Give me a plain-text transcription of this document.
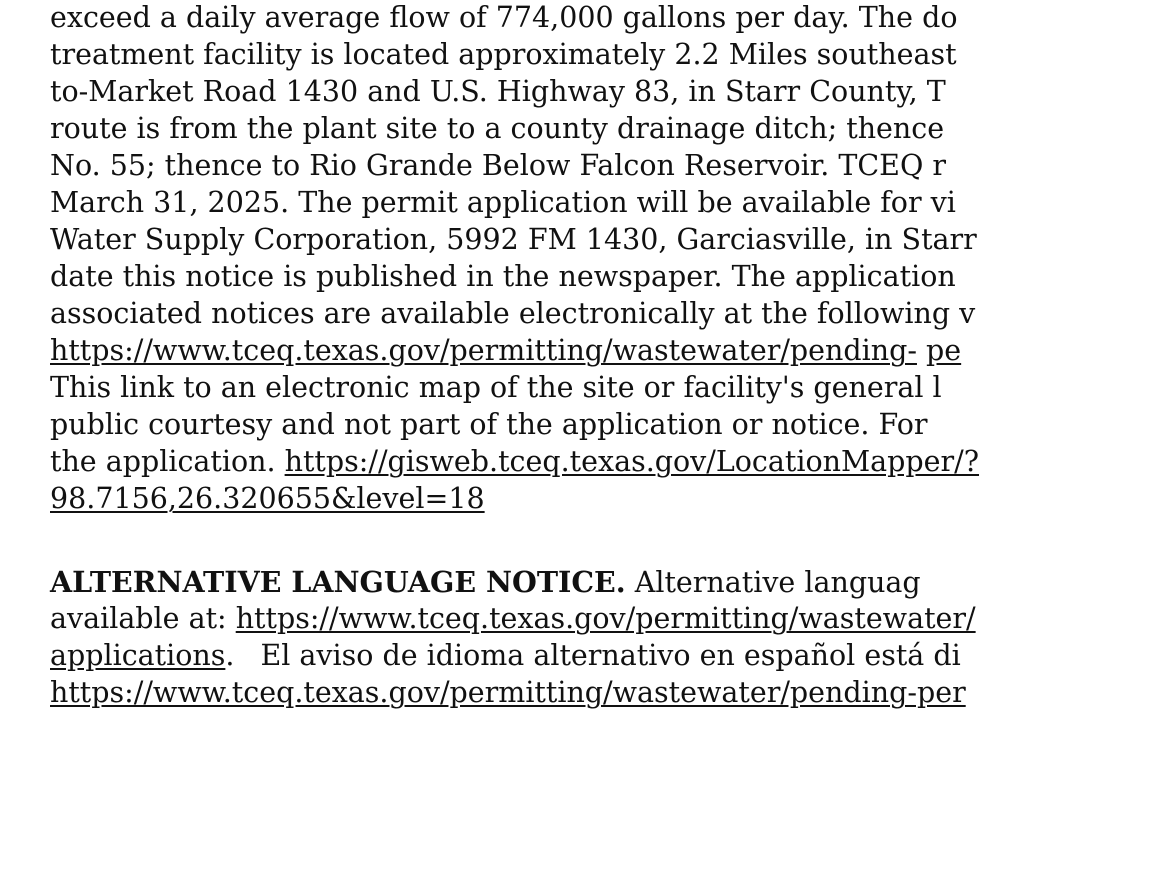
exceed a daily average flow of 774,000 gallons per day. The do
treatment facility is located approximately 2.2 Miles southeast
to-Market Road 1430 and U.S. Highway 83, in Starr County, T
route is from the plant site to a county drainage ditch; thence
No. 55; thence to Rio Grande Below Falcon Reservoir. TCEQ r
March 31, 2025. The permit application will be available for vi
Water Supply Corporation, 5992 FM 1430, Garciasville, in Starr
date this notice is published in the newspaper. The application
associated notices are available electronically at the following v
https://www.tceq.texas.gov/permitting/wastewater/pending- pe
This link to an electronic map of the site or facility's general l
public courtesy and not part of the application or notice. For
the application. https://gisweb.tceq.texas.gov/LocationMapper/?
98.7156,26.320655&level=18
ALTERNATIVE LANGUAGE NOTICE. Alternative languag
available at: https://www.tceq.texas.gov/permitting/wastewater/
applications. El aviso de idioma alternativo en español está di
https://www.tceq.texas.gov/permitting/wastewater/pending-per
